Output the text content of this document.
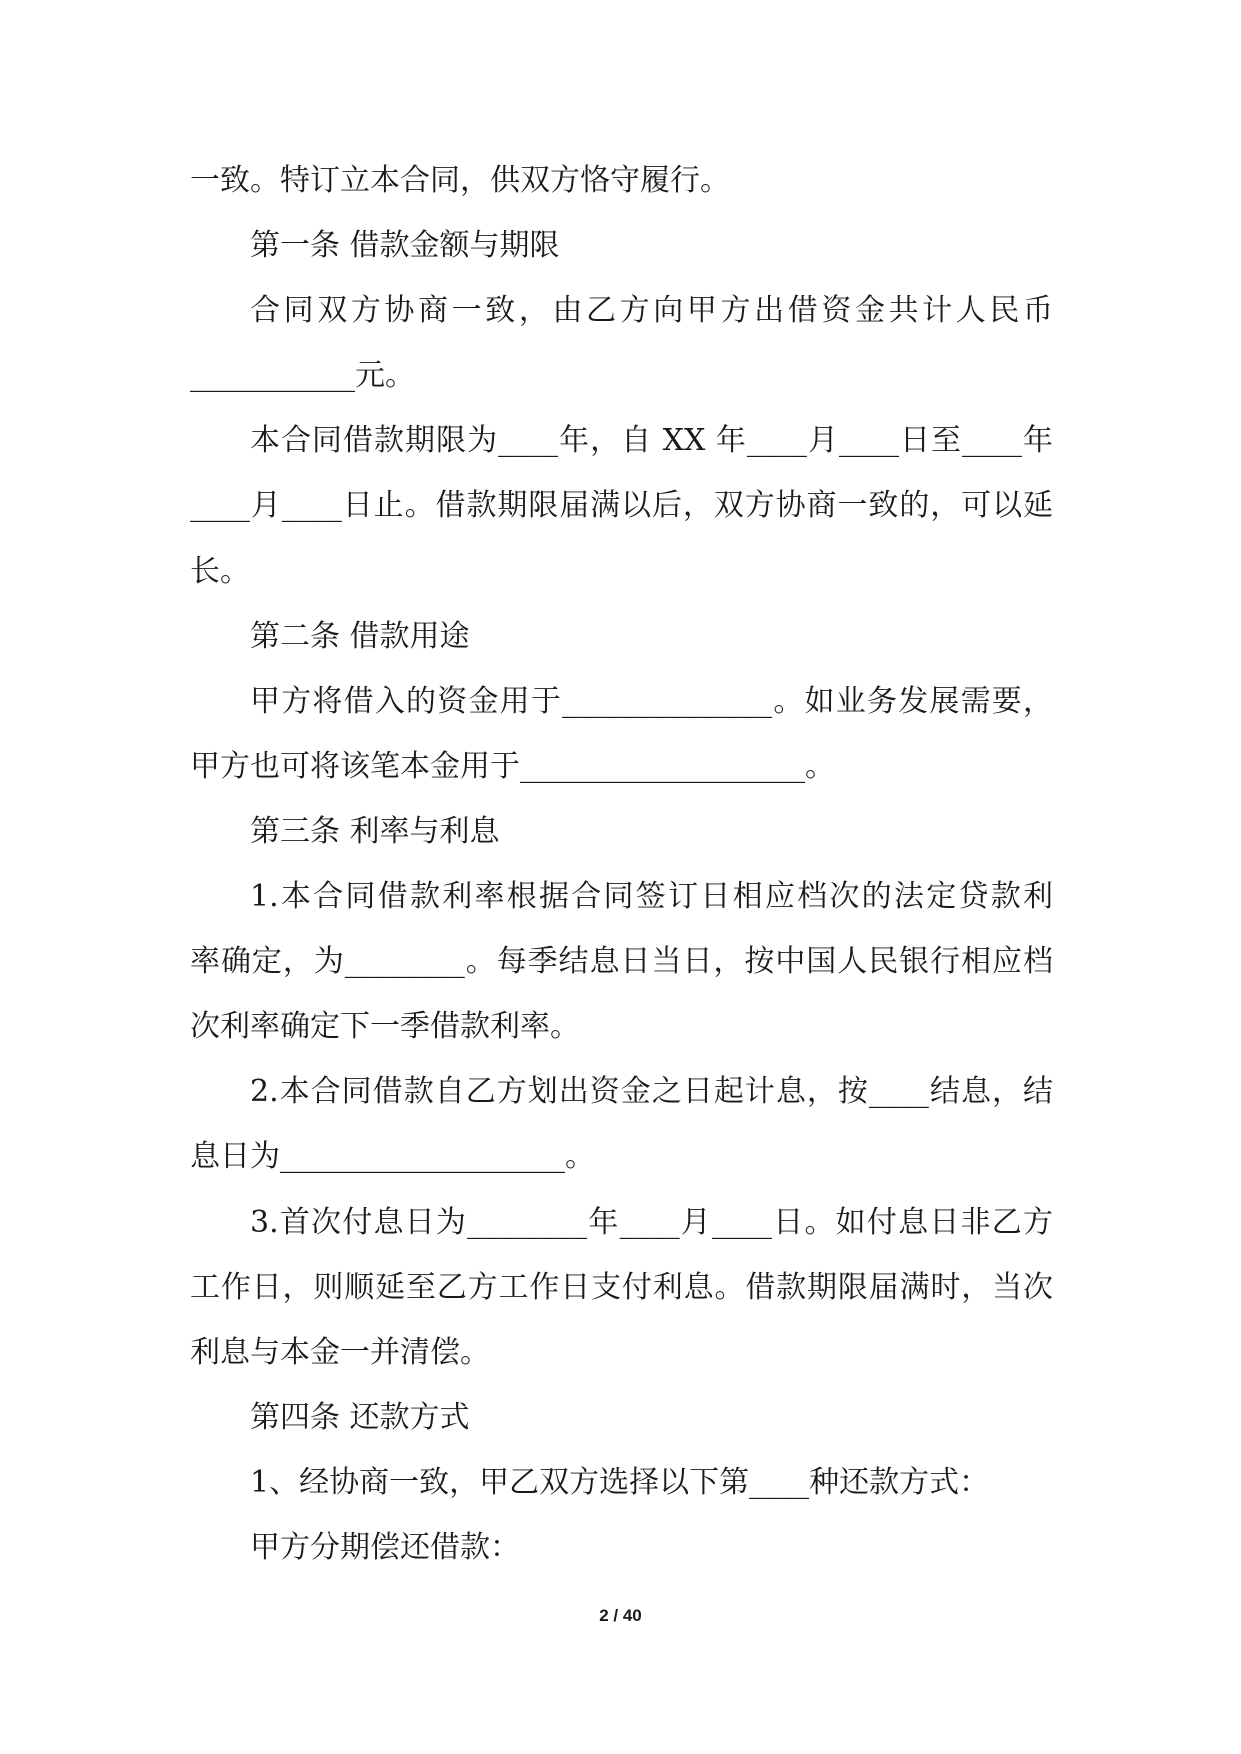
一致。特订立本合同，供双方恪守履行。
第一条 借款金额与期限
合同双方协商一致，由乙方向甲方出借资金共计人民币
___________元。
本合同借款期限为____年，自 XX 年____月____日至____年
____月____日止。借款期限届满以后，双方协商一致的，可以延
长。
第二条 借款用途
甲方将借入的资金用于______________。如业务发展需要，
甲方也可将该笔本金用于___________________。
第三条 利率与利息
1.本合同借款利率根据合同签订日相应档次的法定贷款利
率确定，为________。每季结息日当日，按中国人民银行相应档
次利率确定下一季借款利率。
2.本合同借款自乙方划出资金之日起计息，按____结息，结
息日为___________________。
3.首次付息日为________年____月____日。如付息日非乙方
工作日，则顺延至乙方工作日支付利息。借款期限届满时，当次
利息与本金一并清偿。
第四条 还款方式
1、经协商一致，甲乙双方选择以下第____种还款方式：
甲方分期偿还借款：
2 / 40
